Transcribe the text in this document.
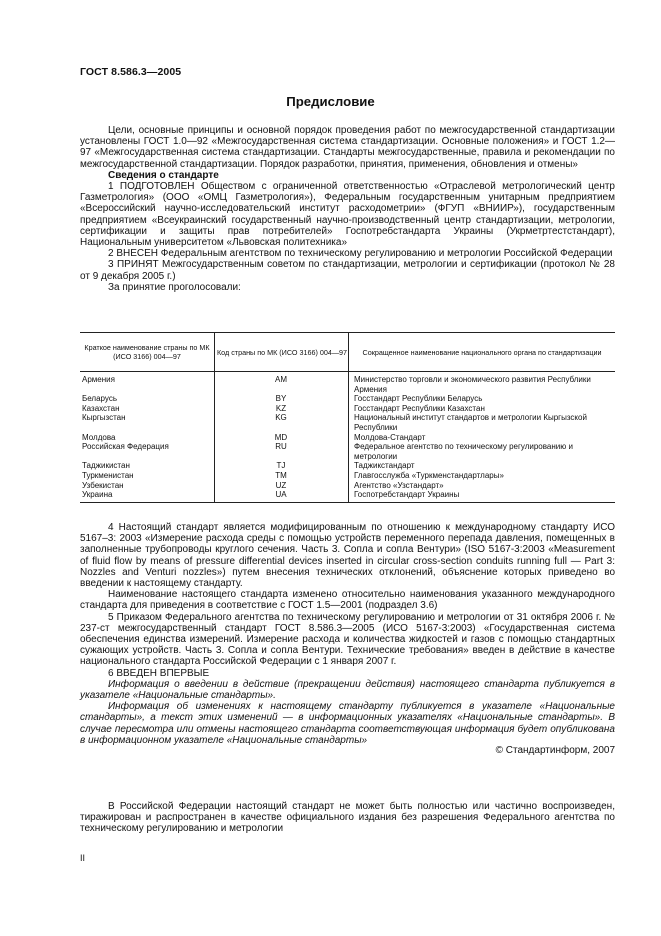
ГОСТ 8.586.3—2005
Предисловие

Цели, основные принципы и основной порядок проведения работ по межгосударственной стандартизации установлены ГОСТ 1.0—92 «Межгосударственная система стандартизации. Основные положения» и ГОСТ 1.2—97 «Межгосударственная система стандартизации. Стандарты межгосударственные, правила и рекомендации по межгосударственной стандартизации. Порядок разработки, принятия, применения, обновления и отмены»

Сведения о стандарте

1 ПОДГОТОВЛЕН Обществом с ограниченной ответственностью «Отраслевой метрологический центр Газметрология» (ООО «ОМЦ Газметрология»), Федеральным государственным унитарным предприятием «Всероссийский научно-исследовательский институт расходометрии» (ФГУП «ВНИИР»), государственным предприятием «Всеукраинский государственный научно-производственный центр стандартизации, метрологии, сертификации и защиты прав потребителей» Госпотребстандарта Украины (Укрметртестстандарт), Национальным университетом «Львовская политехника»

2 ВНЕСЕН Федеральным агентством по техническому регулированию и метрологии Российской Федерации

3 ПРИНЯТ Межгосударственным советом по стандартизации, метрологии и сертификации (протокол № 28 от 9 декабря 2005 г.)

За принятие проголосовали:

Краткое наименование страны по МК (ИСО 3166) 004—97	Код страны по МК (ИСО 3166) 004—97	Сокращенное наименование национального органа по стандартизации
Армения	AM	Министерство торговли и экономического развития Республики Армения
Беларусь	BY	Госстандарт Республики Беларусь
Казахстан	KZ	Госстандарт Республики Казахстан
Кыргызстан	KG	Национальный институт стандартов и метрологии Кыргызской Республики
Молдова	MD	Молдова-Стандарт
Российская Федерация	RU	Федеральное агентство по техническому регулированию и метрологии
Таджикистан	TJ	Таджикстандарт
Туркменистан	TM	Главгосслужба «Туркменстандартлары»
Узбекистан	UZ	Агентство «Узстандарт»
Украина	UA	Госпотребстандарт Украины

4 Настоящий стандарт является модифицированным по отношению к международному стандарту ИСО 5167–3: 2003 «Измерение расхода среды с помощью устройств переменного перепада давления, помещенных в заполненные трубопроводы круглого сечения. Часть 3. Сопла и сопла Вентури» (ISO 5167-3:2003 «Measurement of fluid flow by means of pressure differential devices inserted in circular cross-section conduits running full — Part 3: Nozzles and Venturi nozzles») путем внесения технических отклонений, объяснение которых приведено во введении к настоящему стандарту.

Наименование настоящего стандарта изменено относительно наименования указанного международного стандарта для приведения в соответствие с ГОСТ 1.5—2001 (подраздел 3.6)

5 Приказом Федерального агентства по техническому регулированию и метрологии от 31 октября 2006 г. № 237-ст межгосударственный стандарт ГОСТ 8.586.3—2005 (ИСО 5167-3:2003) «Государственная система обеспечения единства измерений. Измерение расхода и количества жидкостей и газов с помощью стандартных сужающих устройств. Часть 3. Сопла и сопла Вентури. Технические требования» введен в действие в качестве национального стандарта Российской Федерации с 1 января 2007 г.

6 ВВЕДЕН ВПЕРВЫЕ

Информация о введении в действие (прекращении действия) настоящего стандарта публикуется в указателе «Национальные стандарты».

Информация об изменениях к настоящему стандарту публикуется в указателе «Национальные стандарты», а текст этих изменений — в информационных указателях «Национальные стандарты». В случае пересмотра или отмены настоящего стандарта соответствующая информация будет опубликована в информационном указателе «Национальные стандарты»

© Стандартинформ, 2007

В Российской Федерации настоящий стандарт не может быть полностью или частично воспроизведен, тиражирован и распространен в качестве официального издания без разрешения Федерального агентства по техническому регулированию и метрологии

II
